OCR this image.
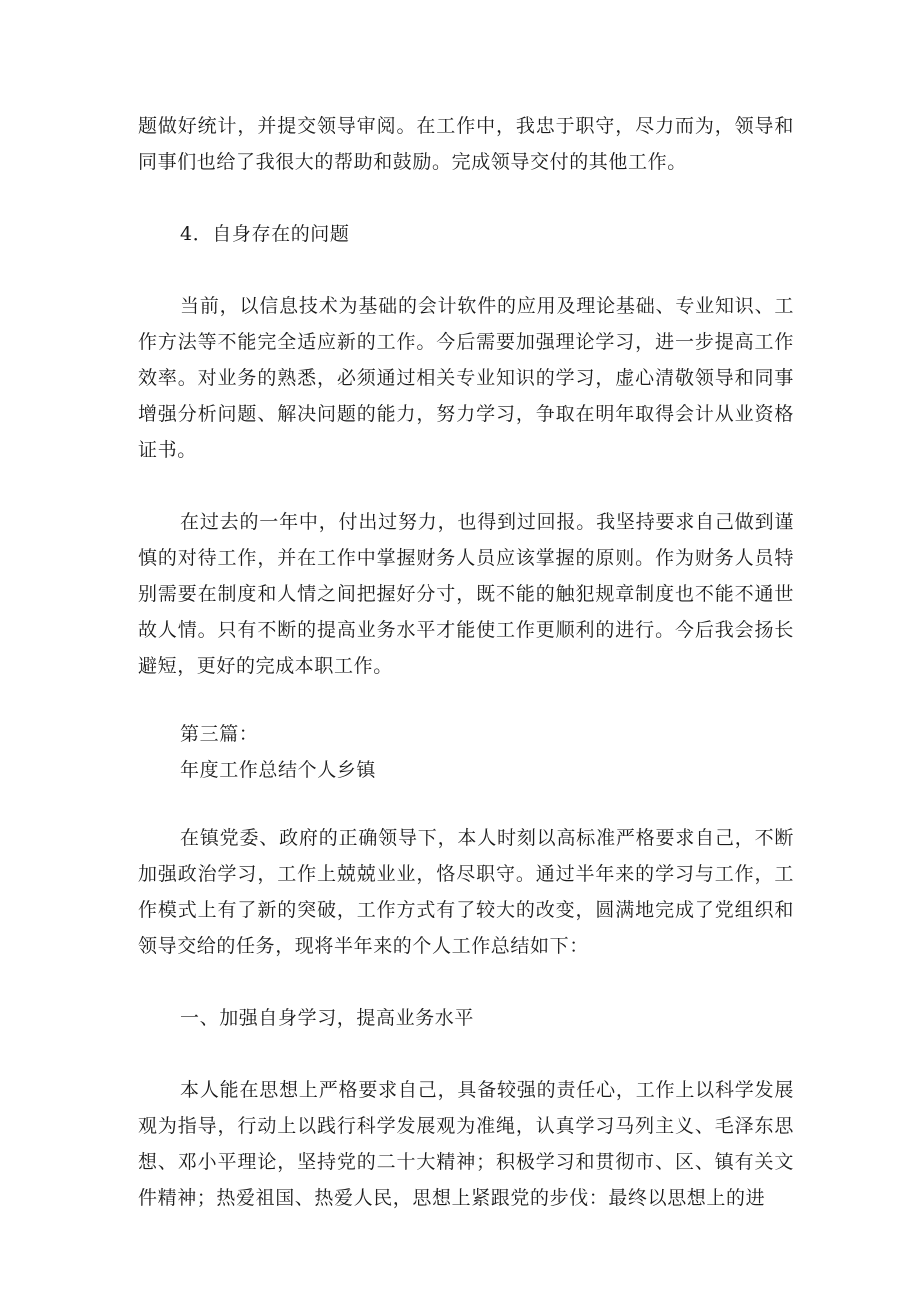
题做好统计，并提交领导审阅。在工作中，我忠于职守，尽力而为，领导和同事们也给了我很大的帮助和鼓励。完成领导交付的其他工作。

4．自身存在的问题

当前，以信息技术为基础的会计软件的应用及理论基础、专业知识、工作方法等不能完全适应新的工作。今后需要加强理论学习，进一步提高工作效率。对业务的熟悉，必须通过相关专业知识的学习，虚心清敬领导和同事增强分析问题、解决问题的能力，努力学习，争取在明年取得会计从业资格证书。

在过去的一年中，付出过努力，也得到过回报。我坚持要求自己做到谨慎的对待工作，并在工作中掌握财务人员应该掌握的原则。作为财务人员特别需要在制度和人情之间把握好分寸，既不能的触犯规章制度也不能不通世故人情。只有不断的提高业务水平才能使工作更顺利的进行。今后我会扬长避短，更好的完成本职工作。

第三篇：

年度工作总结个人乡镇

在镇党委、政府的正确领导下，本人时刻以高标准严格要求自己，不断加强政治学习，工作上兢兢业业，恪尽职守。通过半年来的学习与工作，工作模式上有了新的突破，工作方式有了较大的改变，圆满地完成了党组织和领导交给的任务，现将半年来的个人工作总结如下：

一、加强自身学习，提高业务水平

本人能在思想上严格要求自己，具备较强的责任心，工作上以科学发展观为指导，行动上以践行科学发展观为准绳，认真学习马列主义、毛泽东思想、邓小平理论，坚持党的二十大精神；积极学习和贯彻市、区、镇有关文件精神；热爱祖国、热爱人民，思想上紧跟党的步伐：最终以思想上的进
